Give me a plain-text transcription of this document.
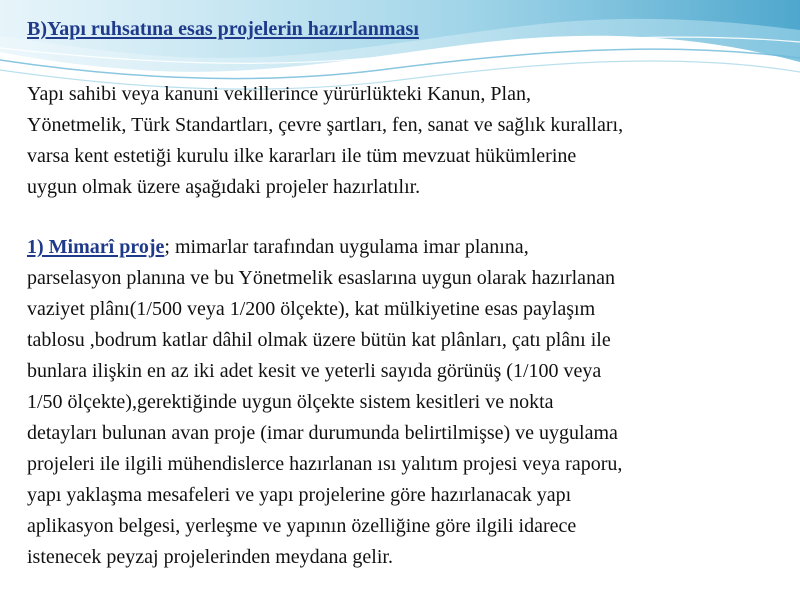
B)Yapı ruhsatına esas projelerin hazırlanması

Yapı sahibi veya kanuni vekillerince yürürlükteki Kanun, Plan,
Yönetmelik, Türk Standartları, çevre şartları, fen, sanat ve sağlık kuralları,
varsa kent estetiği kurulu ilke kararları ile tüm mevzuat hükümlerine
uygun olmak üzere aşağıdaki projeler hazırlatılır.

1) Mimarî proje; mimarlar tarafından uygulama imar planına,
parselasyon planına ve bu Yönetmelik esaslarına uygun olarak hazırlanan
vaziyet plânı(1/500 veya 1/200 ölçekte), kat mülkiyetine esas paylaşım
tablosu ,bodrum katlar dâhil olmak üzere bütün kat plânları, çatı plânı ile
bunlara ilişkin en az iki adet kesit ve yeterli sayıda görünüş (1/100 veya
1/50 ölçekte),gerektiğinde uygun ölçekte sistem kesitleri ve nokta
detayları bulunan avan proje (imar durumunda belirtilmişse) ve uygulama
projeleri ile ilgili mühendislerce hazırlanan ısı yalıtım projesi veya raporu,
yapı yaklaşma mesafeleri ve yapı projelerine göre hazırlanacak yapı
aplikasyon belgesi, yerleşme ve yapının özelliğine göre ilgili idarece
istenecek peyzaj projelerinden meydana gelir.
